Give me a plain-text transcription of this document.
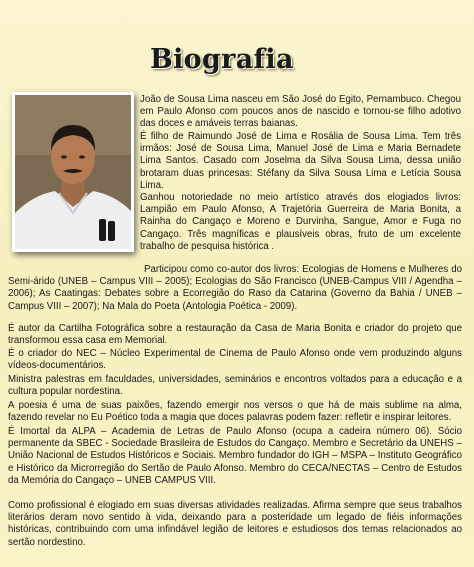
Biografia

João de Sousa Lima nasceu em São José do Egito, Pernambuco. Chegou em Paulo Afonso com poucos anos de nascido e tornou-se filho adotivo das doces e amáveis terras baianas.

É filho de Raimundo José de Lima e Rosália de Sousa Lima. Tem três irmãos: José de Sousa Lima, Manuel José de Lima e Maria Bernadete Lima Santos. Casado com Joselma da Silva Sousa Lima, dessa união brotaram duas princesas: Stéfany da Silva Sousa Lima e Letícia Sousa Lima.

Ganhou notoriedade no meio artístico através dos elogiados livros: Lampião em Paulo Afonso, A Trajetória Guerreira de Maria Bonita, a Rainha do Cangaço e Moreno e Durvinha, Sangue, Amor e Fuga no Cangaço. Três magníficas e plausíveis obras, fruto de um excelente trabalho de pesquisa histórica .

Participou como co-autor dos livros: Ecologias de Homens e Mulheres do Semi-árido (UNEB – Campus VIII – 2005); Ecologias do São Francisco (UNEB-Campus VIII / Agendha – 2006); As Caatingas: Debates sobre a Ecorregião do Raso da Catarina (Governo da Bahia / UNEB – Campus VIII – 2007); Na Mala do Poeta (Antologia Poética - 2009).

É autor da Cartilha Fotográfica sobre a restauração da Casa de Maria Bonita e criador do projeto que transformou essa casa em Memorial.

É o criador do NEC – Núcleo Experimental de Cinema de Paulo Afonso onde vem produzindo alguns vídeos-documentários.

Ministra palestras em faculdades, universidades, seminários e encontros voltados para a educação e a cultura popular nordestina.

A poesia é uma de suas paixões, fazendo emergir nos versos o que há de mais sublime na alma, fazendo revelar no Eu Poético toda a magia que doces palavras podem fazer: refletir e inspirar leitores.

É Imortal da ALPA – Academia de Letras de Paulo Afonso (ocupa a cadeira número 06). Sócio permanente da SBEC - Sociedade Brasileira de Estudos do Cangaço. Membro e Secretário da UNEHS – União Nacional de Estudos Históricos e Sociais. Membro fundador do IGH – MSPA – Instituto Geográfico e Histórico da Microrregião do Sertão de Paulo Afonso. Membro do CECA/NECTAS – Centro de Estudos da Memória do Cangaço – UNEB CAMPUS VIII.

Como profissional é elogiado em suas diversas atividades realizadas. Afirma sempre que seus trabalhos literários deram novo sentido à vida, deixando para a posteridade um legado de fiéis informações históricas, contribuindo com uma infindável legião de leitores e estudiosos dos temas relacionados ao sertão nordestino.
